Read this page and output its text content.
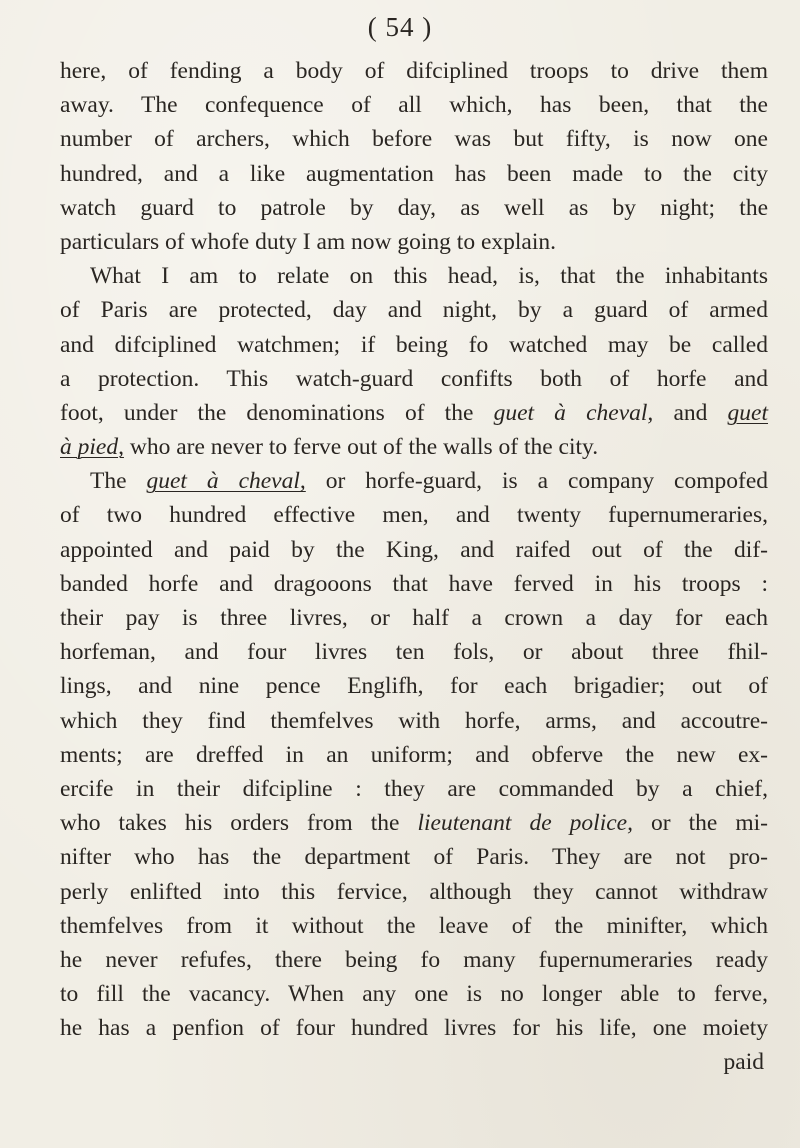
( 54 )
here, of fending a body of difciplined troops to drive them
away. The confequence of all which, has been, that the
number of archers, which before was but fifty, is now one
hundred, and a like augmentation has been made to the city
watch guard to patrole by day, as well as by night; the
particulars of whofe duty I am now going to explain.
What I am to relate on this head, is, that the inhabitants
of Paris are protected, day and night, by a guard of armed
and difciplined watchmen; if being fo watched may be called
a protection. This watch-guard confifts both of horfe and
foot, under the denominations of the guet à cheval, and guet
à pied, who are never to ferve out of the walls of the city.
The guet à cheval, or horfe-guard, is a company compofed
of two hundred effective men, and twenty fupernumeraries,
appointed and paid by the King, and raifed out of the dif-
banded horfe and dragooons that have ferved in his troops :
their pay is three livres, or half a crown a day for each
horfeman, and four livres ten fols, or about three fhil-
lings, and nine pence Englifh, for each brigadier; out of
which they find themfelves with horfe, arms, and accoutre-
ments; are dreffed in an uniform; and obferve the new ex-
ercife in their difcipline : they are commanded by a chief,
who takes his orders from the lieutenant de police, or the mi-
nifter who has the department of Paris. They are not pro-
perly enlifted into this fervice, although they cannot withdraw
themfelves from it without the leave of the minifter, which
he never refufes, there being fo many fupernumeraries ready
to fill the vacancy. When any one is no longer able to ferve,
he has a penfion of four hundred livres for his life, one moiety
paid
